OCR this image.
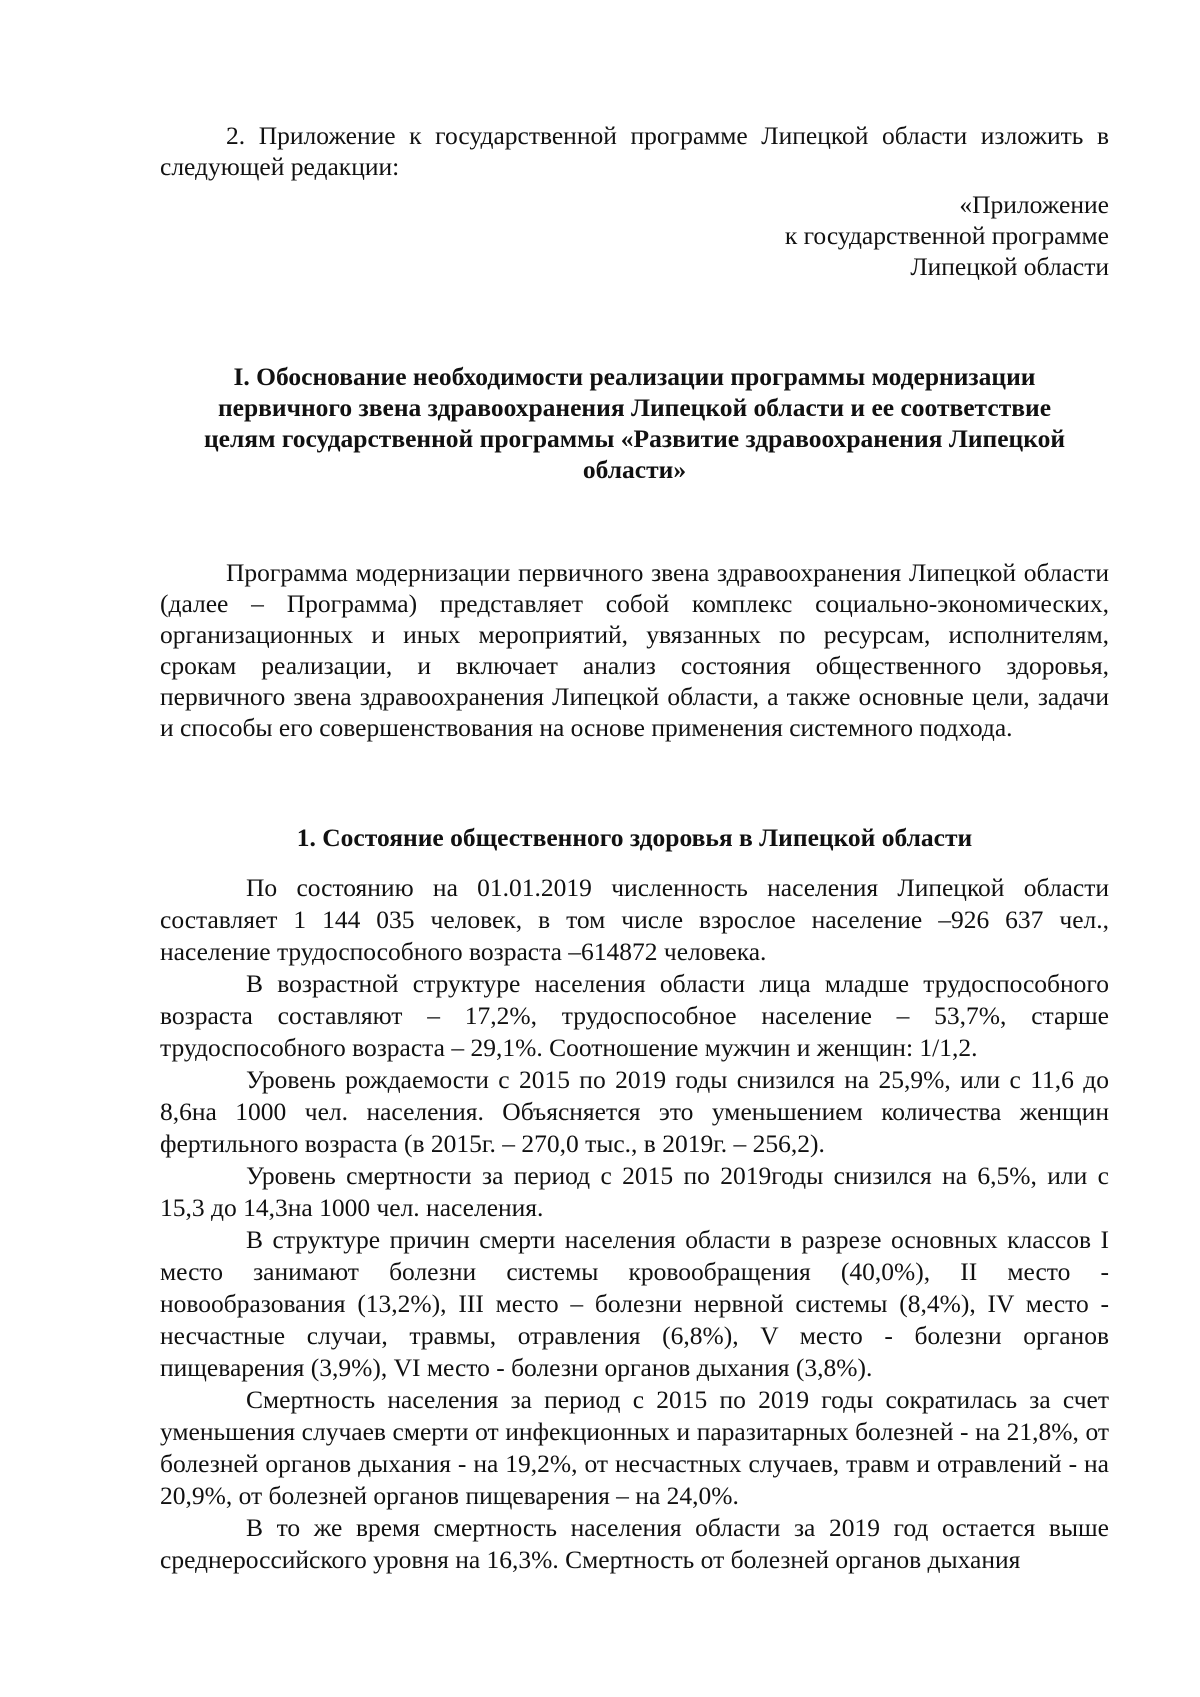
2. Приложение к государственной программе Липецкой области изложить в следующей редакции:

«Приложение
к государственной программе
Липецкой области
I. Обоснование необходимости реализации программы модернизации первичного звена здравоохранения Липецкой области и ее соответствие целям государственной программы «Развитие здравоохранения Липецкой области»

Программа модернизации первичного звена здравоохранения Липецкой области (далее – Программа) представляет собой комплекс социально-экономических, организационных и иных мероприятий, увязанных по ресурсам, исполнителям, срокам реализации, и включает анализ состояния общественного здоровья, первичного звена здравоохранения Липецкой области, а также основные цели, задачи и способы его совершенствования на основе применения системного подхода.

1. Состояние общественного здоровья в Липецкой области

По состоянию на 01.01.2019 численность населения Липецкой области составляет 1 144 035 человек, в том числе взрослое население –926 637 чел., население трудоспособного возраста –614872 человека.

В возрастной структуре населения области лица младше трудоспособного возраста составляют – 17,2%, трудоспособное население – 53,7%, старше трудоспособного возраста – 29,1%. Соотношение мужчин и женщин: 1/1,2.

Уровень рождаемости с 2015 по 2019 годы снизился на 25,9%, или с 11,6 до 8,6на 1000 чел. населения. Объясняется это уменьшением количества женщин фертильного возраста (в 2015г. – 270,0 тыс., в 2019г. – 256,2).

Уровень смертности за период с 2015 по 2019годы снизился на 6,5%, или с 15,3 до 14,3на 1000 чел. населения.

В структуре причин смерти населения области в разрезе основных классов I место занимают болезни системы кровообращения (40,0%), II место - новообразования (13,2%), III место – болезни нервной системы (8,4%), IV место - несчастные случаи, травмы, отравления (6,8%), V место - болезни органов пищеварения (3,9%), VI место - болезни органов дыхания (3,8%).

Смертность населения за период с 2015 по 2019 годы сократилась за счет уменьшения случаев смерти от инфекционных и паразитарных болезней - на 21,8%, от болезней органов дыхания - на 19,2%, от несчастных случаев, травм и отравлений - на 20,9%, от болезней органов пищеварения – на 24,0%.

В то же время смертность населения области за 2019 год остается выше среднероссийского уровня на 16,3%. Смертность от болезней органов дыхания
